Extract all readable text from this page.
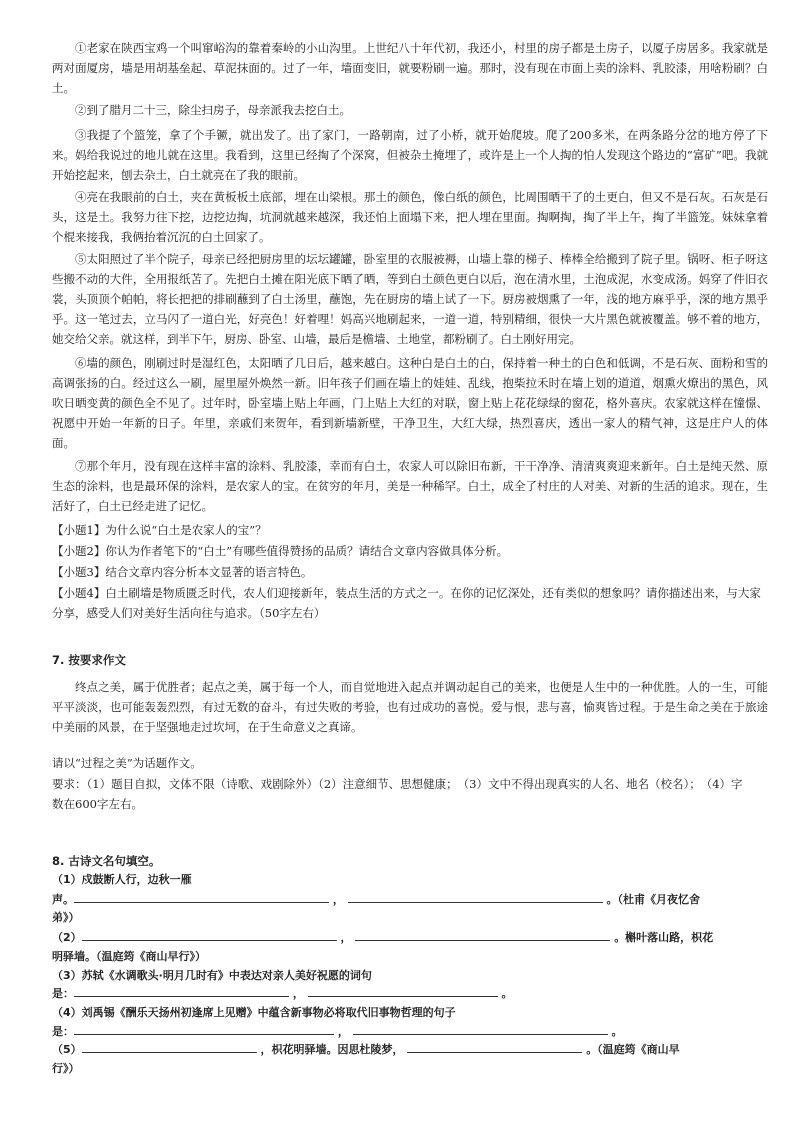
①老家在陕西宝鸡一个叫窜峪沟的靠着秦岭的小山沟里。上世纪八十年代初，我还小，村里的房子都是土房子，以厦子房居多。我家就是两对面厦房，墙是用胡基垒起、草泥抹面的。过了一年，墙面变旧，就要粉刷一遍。那时，没有现在市面上卖的涂料、乳胶漆，用啥粉刷？白土。

②到了腊月二十三，除尘扫房子，母亲派我去挖白土。

③我提了个篮笼，拿了个手镢，就出发了。出了家门，一路朝南，过了小桥，就开始爬坡。爬了200多米，在两条路分岔的地方停了下来。妈给我说过的地儿就在这里。我看到，这里已经掏了个深窝，但被杂土掩埋了，或许是上一个人掏的怕人发现这个路边的“富矿”吧。我就开始挖起来，刨去杂土，白土就亮在了我的眼前。

④亮在我眼前的白土，夹在黄板板土底部，埋在山梁根。那土的颜色，像白纸的颜色，比周围晒干了的土更白，但又不是石灰。石灰是石头，这是土。我努力往下挖，边挖边掏，坑洞就越来越深，我还怕上面塌下来，把人埋在里面。掏啊掏，掏了半上午，掏了半篮笼。妹妹拿着个棍来接我，我俩抬着沉沉的白土回家了。

⑤太阳照过了半个院子，母亲已经把厨房里的坛坛罐罐，卧室里的衣服被褥，山墙上靠的梯子、棒棒全给搬到了院子里。锅呀、柜子呀这些搬不动的大件，全用报纸苫了。先把白土摊在阳光底下晒了晒，等到白土颜色更白以后，泡在清水里，土泡成泥，水变成汤。妈穿了件旧衣裳，头顶顶个帕帕，将长把把的排刷蘸到了白土汤里，蘸饱，先在厨房的墙上试了一下。厨房被烟熏了一年，浅的地方麻乎乎，深的地方黑乎乎。这一笔过去，立马闪了一道白光，好亮色！好着哩！妈高兴地刷起来，一道一道，特别精细，很快一大片黑色就被覆盖。够不着的地方，她交给父亲。就这样，到半下午，厨房、卧室、山墙，最后是檐墙、土地堂，都粉刷了。白土刚好用完。

⑥墙的颜色，刚刷过时是湿红色，太阳晒了几日后，越来越白。这种白是白土的白，保持着一种土的白色和低调，不是石灰、面粉和雪的高调张扬的白。经过这么一刷，屋里屋外焕然一新。旧年孩子们画在墙上的娃娃、乱线，抱柴拉禾时在墙上划的道道，烟熏火燎出的黑色，风吹日晒变黄的颜色全不见了。过年时，卧室墙上贴上年画，门上贴上大红的对联，窗上贴上花花绿绿的窗花，格外喜庆。农家就这样在憧憬、祝愿中开始一年新的日子。年里，亲戚们来贺年，看到新墙新壁，干净卫生，大红大绿，热烈喜庆，透出一家人的精气神，这是庄户人的体面。

⑦那个年月，没有现在这样丰富的涂料、乳胶漆，幸而有白土，农家人可以除旧布新，干干净净、清清爽爽迎来新年。白土是纯天然、原生态的涂料，也是最环保的涂料，是农家人的宝。在贫穷的年月，美是一种稀罕。白土，成全了村庄的人对美、对新的生活的追求。现在，生活好了，白土已经走进了记忆。

【小题1】为什么说“白土是农家人的宝”？

【小题2】你认为作者笔下的“白土”有哪些值得赞扬的品质？请结合文章内容做具体分析。

【小题3】结合文章内容分析本文显著的语言特色。

【小题4】白土刷墙是物质匮乏时代，农人们迎接新年，装点生活的方式之一。在你的记忆深处，还有类似的想象吗？请你描述出来，与大家分享，感受人们对美好生活向往与追求。（50字左右）

7. 按要求作文

终点之美，属于优胜者；起点之美，属于每一个人，而自觉地进入起点并调动起自己的美来，也便是人生中的一种优胜。人的一生，可能平平淡淡，也可能轰轰烈烈，有过无数的奋斗，有过失败的考验，也有过成功的喜悦。爱与恨，悲与喜，愉爽皆过程。于是生命之美在于旅途中美丽的风景，在于坚强地走过坎坷，在于生命意义之真谛。

请以“过程之美”为话题作文。

要求：（1）题目自拟，文体不限（诗歌、戏剧除外）（2）注意细节、思想健康；　（3）文中不得出现真实的人名、地名（校名）；　（4）字数在600字左右。

8. 古诗文名句填空。

（1）戍鼓断人行，边秋一雁

声。	，	。（杜甫《月夜忆舍

弟》）

（2）	，	。槲叶落山路，枳花

明驿墙。（温庭筠《商山早行》）

（3）苏轼《水调歌头·明月几时有》中表达对亲人美好祝愿的词句

是：	，	。

（4）刘禹锡《酬乐天扬州初逢席上见赠》中蕴含新事物必将取代旧事物哲理的句子

是：	，	。

（5）	，枳花明驿墙。因思杜陵梦，	。（温庭筠《商山早

行》）
